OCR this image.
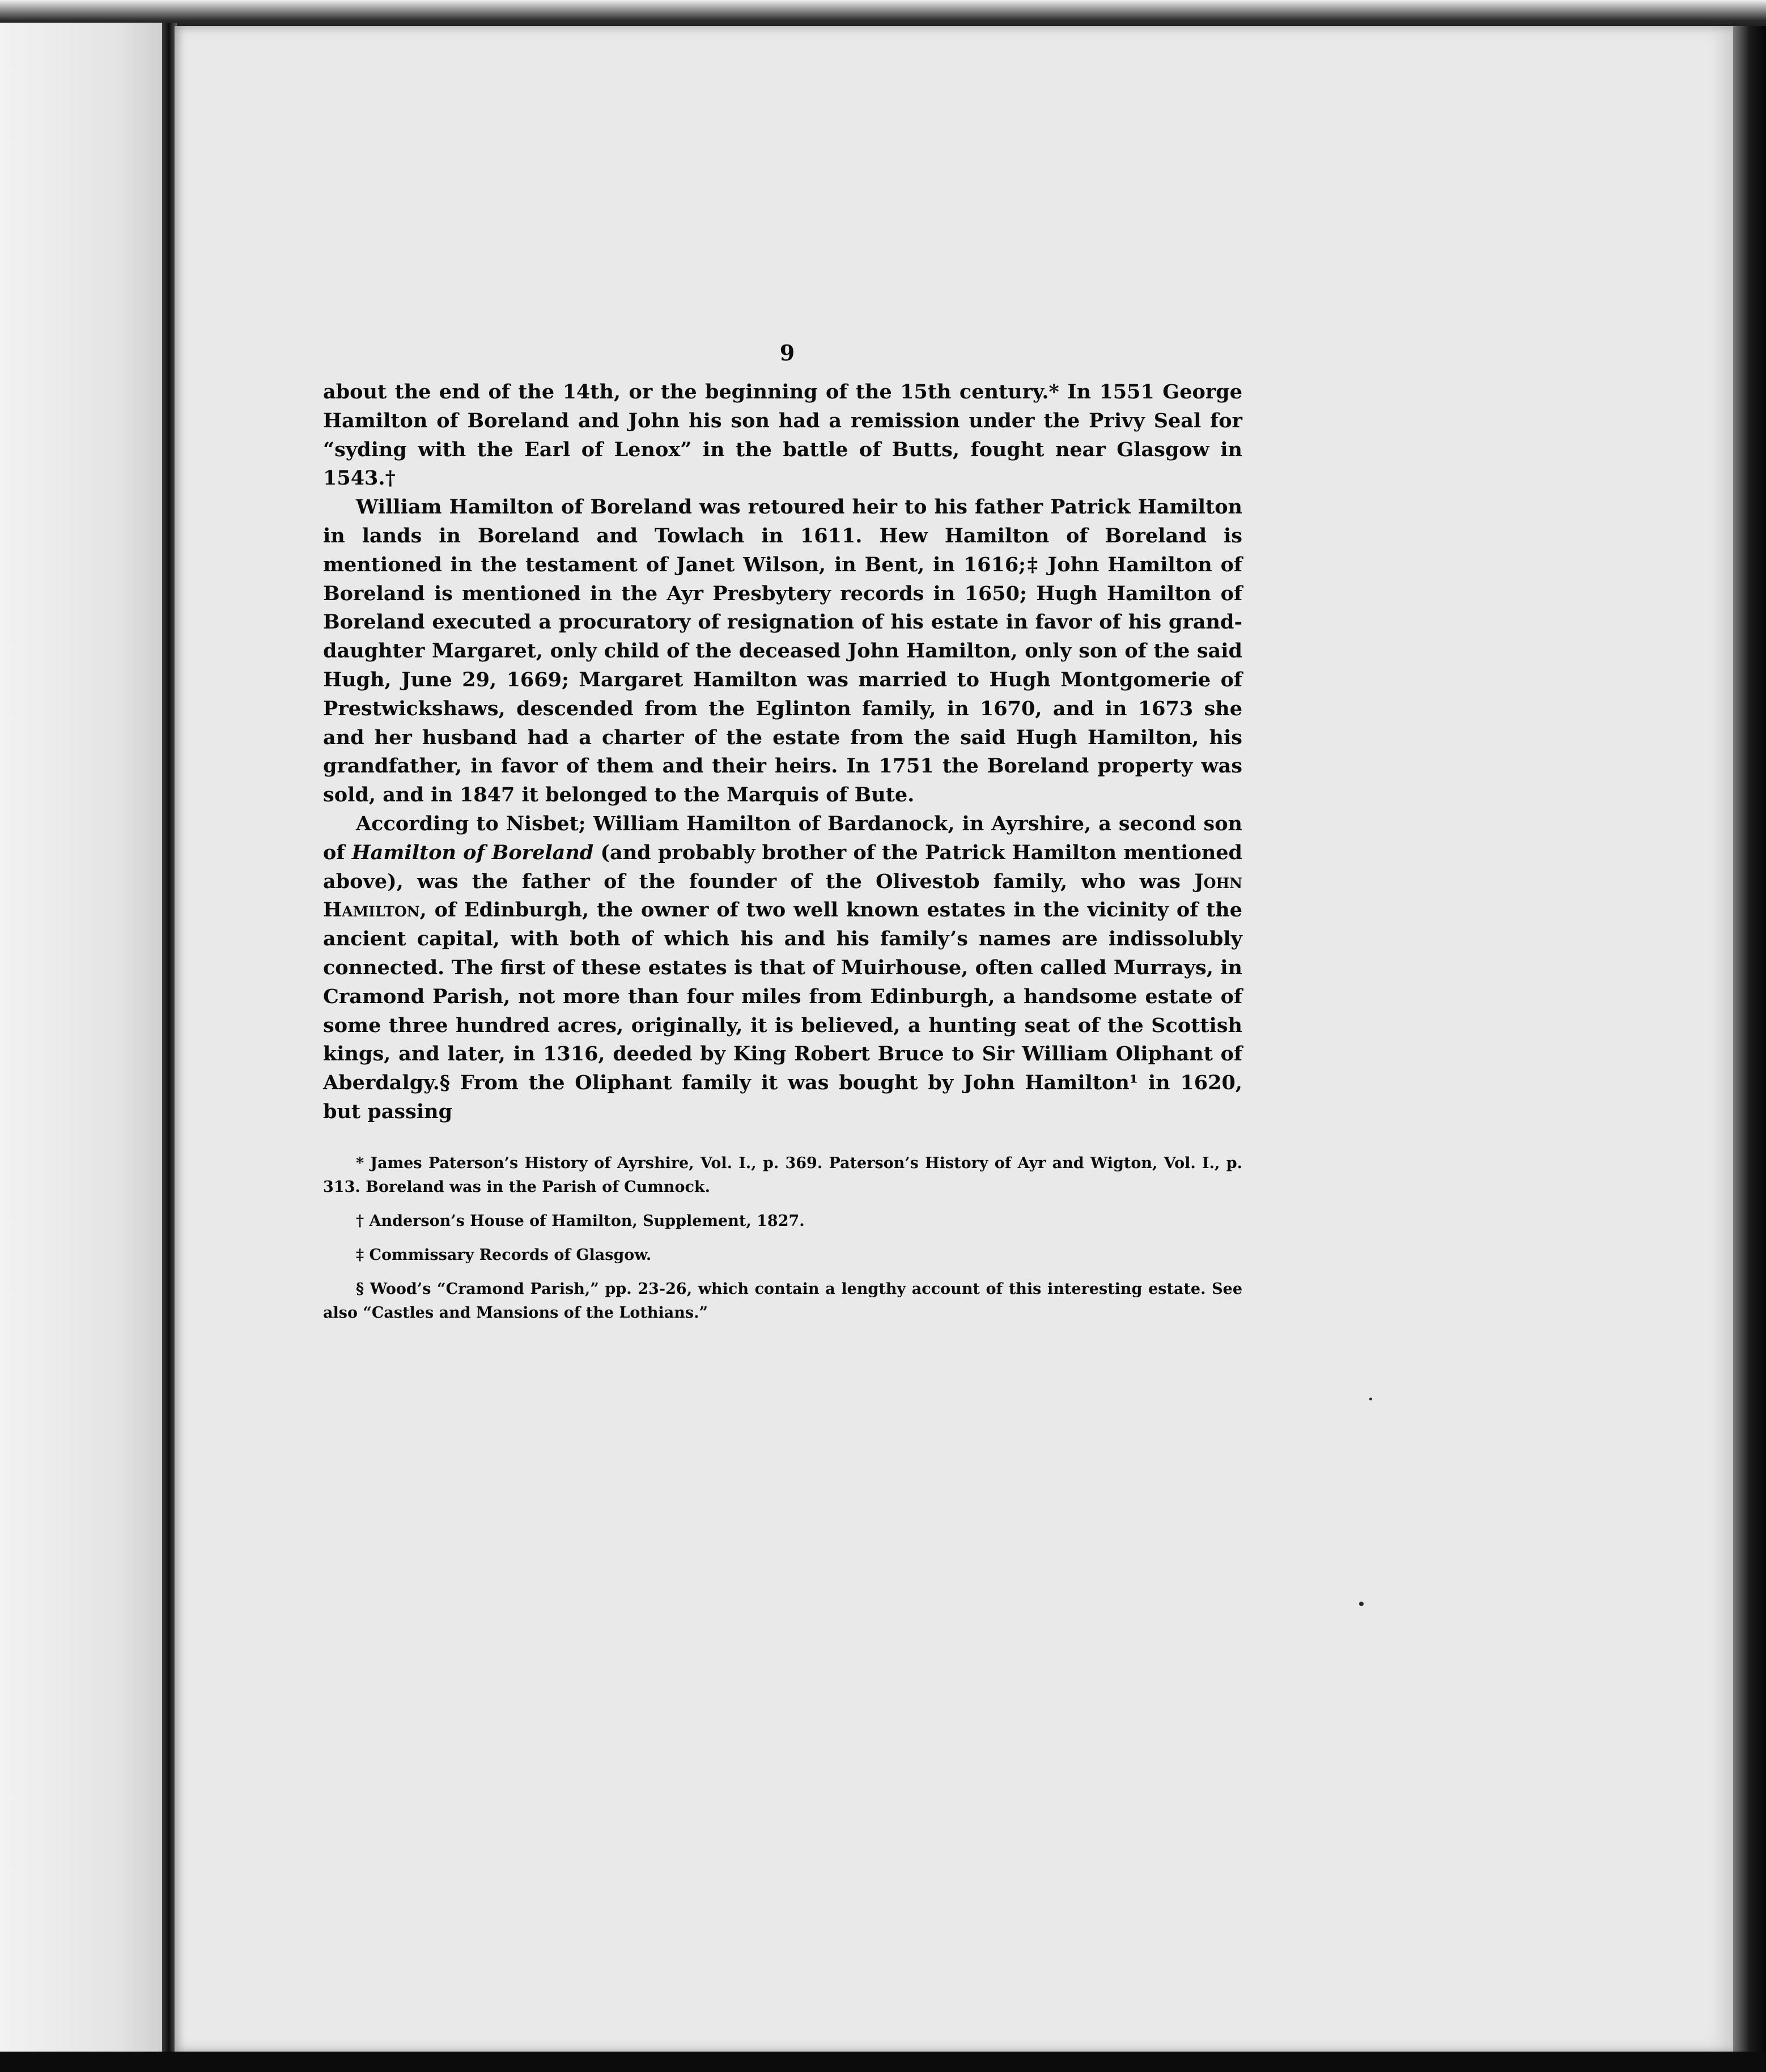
9

about the end of the 14th, or the beginning of the 15th century.* In 1551 George Hamilton of Boreland and John his son had a remission under the Privy Seal for “syding with the Earl of Lenox” in the battle of Butts, fought near Glasgow in 1543.†

William Hamilton of Boreland was retoured heir to his father Patrick Hamilton in lands in Boreland and Towlach in 1611. Hew Hamilton of Boreland is mentioned in the testament of Janet Wilson, in Bent, in 1616;‡ John Hamilton of Boreland is mentioned in the Ayr Presbytery records in 1650; Hugh Hamilton of Boreland executed a procuratory of resignation of his estate in favor of his grand-daughter Margaret, only child of the deceased John Hamilton, only son of the said Hugh, June 29, 1669; Margaret Hamilton was married to Hugh Montgomerie of Prestwickshaws, descended from the Eglinton family, in 1670, and in 1673 she and her husband had a charter of the estate from the said Hugh Hamilton, his grandfather, in favor of them and their heirs. In 1751 the Boreland property was sold, and in 1847 it belonged to the Marquis of Bute.

According to Nisbet; William Hamilton of Bardanock, in Ayrshire, a second son of Hamilton of Boreland (and probably brother of the Patrick Hamilton mentioned above), was the father of the founder of the Olivestob family, who was John Hamilton, of Edinburgh, the owner of two well known estates in the vicinity of the ancient capital, with both of which his and his family’s names are indissolubly connected. The first of these estates is that of Muirhouse, often called Murrays, in Cramond Parish, not more than four miles from Edinburgh, a handsome estate of some three hundred acres, originally, it is believed, a hunting seat of the Scottish kings, and later, in 1316, deeded by King Robert Bruce to Sir William Oliphant of Aberdalgy.§ From the Oliphant family it was bought by John Hamilton¹ in 1620, but passing

* James Paterson’s History of Ayrshire, Vol. I., p. 369. Paterson’s History of Ayr and Wigton, Vol. I., p. 313. Boreland was in the Parish of Cumnock.

† Anderson’s House of Hamilton, Supplement, 1827.

‡ Commissary Records of Glasgow.

§ Wood’s “Cramond Parish,” pp. 23-26, which contain a lengthy account of this interesting estate. See also “Castles and Mansions of the Lothians.”
